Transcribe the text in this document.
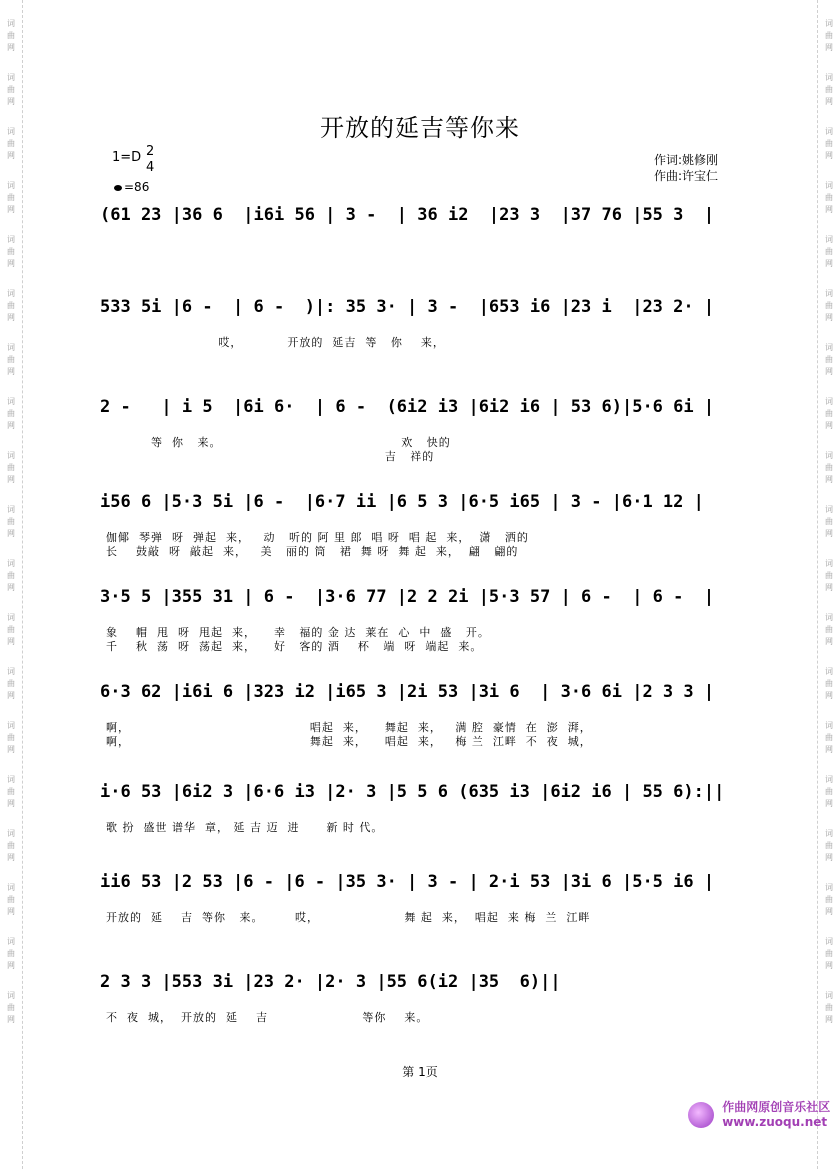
词
曲
网
词
曲
网
词
曲
网
词
曲
网
词
曲
网
词
曲
网
词
曲
网
词
曲
网
词
曲
网
词
曲
网
词
曲
网
词
曲
网
词
曲
网
词
曲
网
词
曲
网
词
曲
网
词
曲
网
词
曲
网
词
曲
网
词
曲
网
词
曲
网
词
曲
网
词
曲
网
词
曲
网
词
曲
网
词
曲
网
词
曲
网
词
曲
网
词
曲
网
词
曲
网
词
曲
网
词
曲
网
词
曲
网
词
曲
网
词
曲
网
词
曲
网
词
曲
网
词
曲
网
开放的延吉等你来
1=D 2
4
=86
作词:姚修刚
作曲:许宝仁
(61 23 |36 6  |i6i 56 | 3 -  | 36 i2  |23 3  |37 76 |55 3  |
533 5i |6 -  | 6 -  )|: 35 3· | 3 -  |653 i6 |23 i  |23 2· |
哎，          开放的  延吉  等   你    来，
2 -   | i 5  |6i 6·  | 6 -  (6i2 i3 |6i2 i6 | 53 6)|5·6 6i |
等  你   来。                                        欢   快的
吉   祥的
i56 6 |5·3 5i |6 -  |6·7 ii |6 5 3 |6·5 i65 | 3 - |6·1 12 |
伽倻  琴弹  呀  弹起  来，   动   听的 阿 里 郎  唱 呀  唱 起  来，  潇   洒的
长    鼓敲  呀  敲起  来，   美   丽的 筒   裙  舞 呀  舞 起  来，  翩   翩的
3·5 5 |355 31 | 6 -  |3·6 77 |2 2 2i |5·3 57 | 6 -  | 6 -  |
象    帽  甩  呀  甩起  来，    幸   福的 金 达  莱在  心  中  盛   开。
千    秋  荡  呀  荡起  来，    好   客的 酒    杯   端  呀  端起  来。
6·3 62 |i6i 6 |323 i2 |i65 3 |2i 53 |3i 6  | 3·6 6i |2 3 3 |
啊，                                        唱起  来，    舞起  来，   满 腔  豪情  在  澎  湃，
啊，                                        舞起  来，    唱起  来，   梅 兰  江畔  不  夜  城，
i·6 53 |6i2 3 |6·6 i3 |2· 3 |5 5 6 (635 i3 |6i2 i6 | 55 6):||
歌 扮  盛世 谱华  章， 延 吉 迈  进      新 时 代。
ii6 53 |2 53 |6 - |6 - |35 3· | 3 - | 2·i 53 |3i 6 |5·5 i6 |
开放的  延    吉  等你   来。       哎，                   舞 起  来，  唱起  来 梅  兰  江畔
2 3 3 |553 3i |23 2· |2· 3 |55 6(i2 |35  6)||
不  夜  城，  开放的  延    吉                     等你    来。
第 1页
作曲网原创音乐社区
www.zuoqu.net
